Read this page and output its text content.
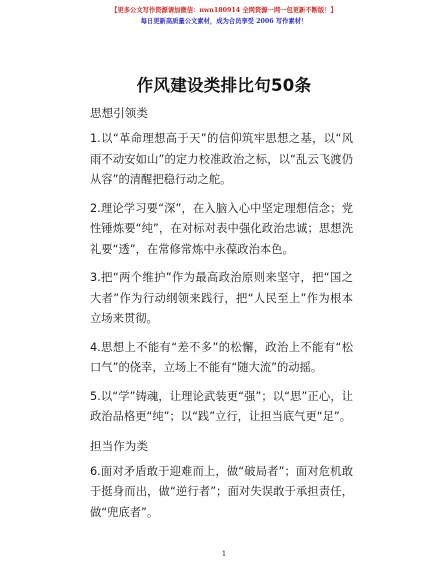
【更多公文写作资源请加微信：nwn180914 全网资源一网一包更新不断版！】
每日更新高质量公文素材，成为合员享受 2006 写作素材！
作风建设类排比句50条
思想引领类

1.以“革命理想高于天”的信仰筑牢思想之基，以“风雨不动安如山”的定力校准政治之标，以“乱云飞渡仍从容”的清醒把稳行动之舵。

2.理论学习要“深”，在入脑入心中坚定理想信念；党性锤炼要“纯”，在对标对表中强化政治忠诚；思想洗礼要“透”，在常修常炼中永葆政治本色。

3.把“两个维护”作为最高政治原则来坚守，把“国之大者”作为行动纲领来践行，把“人民至上”作为根本立场来贯彻。

4.思想上不能有“差不多”的松懈，政治上不能有“松口气”的侥幸，立场上不能有“随大流”的动摇。

5.以“学”铸魂，让理论武装更“强”；以“思”正心，让政治品格更“纯”；以“践”立行，让担当底气更“足”。

担当作为类

6.面对矛盾敢于迎难而上，做“破局者”；面对危机敢于挺身而出，做“逆行者”；面对失误敢于承担责任，做“兜底者”。

1
